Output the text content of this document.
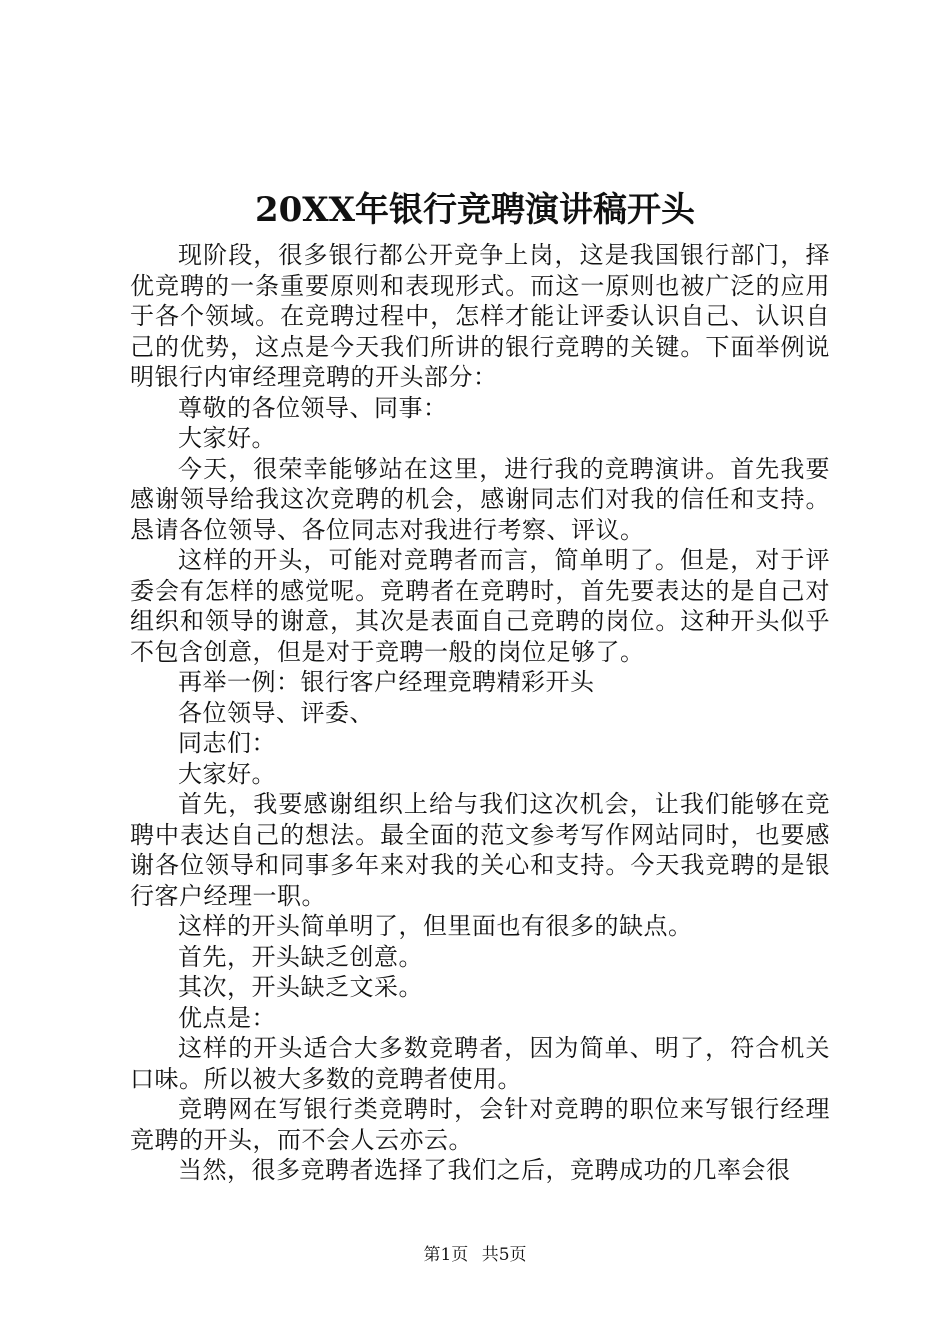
20XX年银行竞聘演讲稿开头

现阶段，很多银行都公开竞争上岗，这是我国银行部门，择优竞聘的一条重要原则和表现形式。而这一原则也被广泛的应用于各个领域。在竞聘过程中，怎样才能让评委认识自己、认识自己的优势，这点是今天我们所讲的银行竞聘的关键。下面举例说明银行内审经理竞聘的开头部分：

尊敬的各位领导、同事：

大家好。

今天，很荣幸能够站在这里，进行我的竞聘演讲。首先我要感谢领导给我这次竞聘的机会，感谢同志们对我的信任和支持。恳请各位领导、各位同志对我进行考察、评议。

这样的开头，可能对竞聘者而言，简单明了。但是，对于评委会有怎样的感觉呢。竞聘者在竞聘时，首先要表达的是自己对组织和领导的谢意，其次是表面自己竞聘的岗位。这种开头似乎不包含创意，但是对于竞聘一般的岗位足够了。

再举一例：银行客户经理竞聘精彩开头

各位领导、评委、

同志们：

大家好。

首先，我要感谢组织上给与我们这次机会，让我们能够在竞聘中表达自己的想法。最全面的范文参考写作网站同时，也要感谢各位领导和同事多年来对我的关心和支持。今天我竞聘的是银行客户经理一职。

这样的开头简单明了，但里面也有很多的缺点。

首先，开头缺乏创意。

其次，开头缺乏文采。

优点是：

这样的开头适合大多数竞聘者，因为简单、明了，符合机关口味。所以被大多数的竞聘者使用。

竞聘网在写银行类竞聘时，会针对竞聘的职位来写银行经理竞聘的开头，而不会人云亦云。

当然，很多竞聘者选择了我们之后，竞聘成功的几率会很

第1页 共5页
